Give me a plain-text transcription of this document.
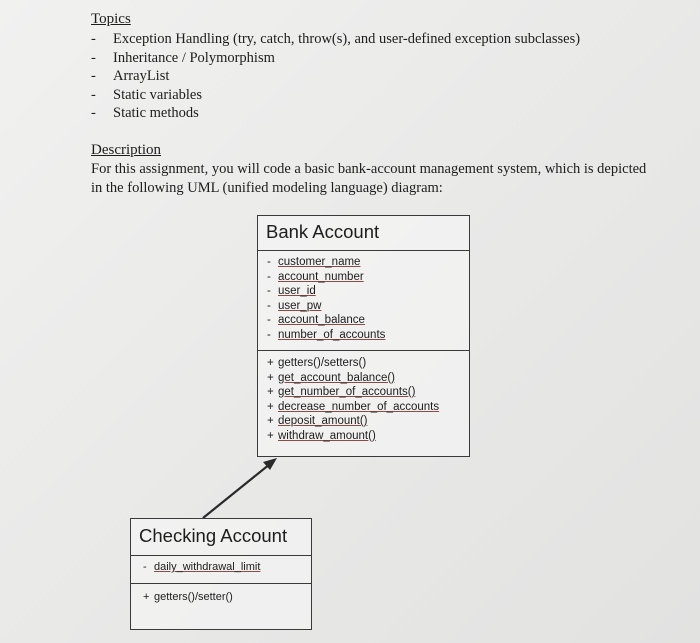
Topics
- Exception Handling (try, catch, throw(s), and user-defined exception subclasses)
- Inheritance / Polymorphism
- ArrayList
- Static variables
- Static methods
Description
For this assignment, you will code a basic bank-account management system, which is depicted in the following UML (unified modeling language) diagram:
Bank Account
- customer_name
- account_number
- user_id
- user_pw
- account_balance
- number_of_accounts
+ getters()/setters()
+ get_account_balance()
+ get_number_of_accounts()
+ decrease_number_of_accounts
+ deposit_amount()
+ withdraw_amount()
Checking Account
- daily_withdrawal_limit
+ getters()/setter()
